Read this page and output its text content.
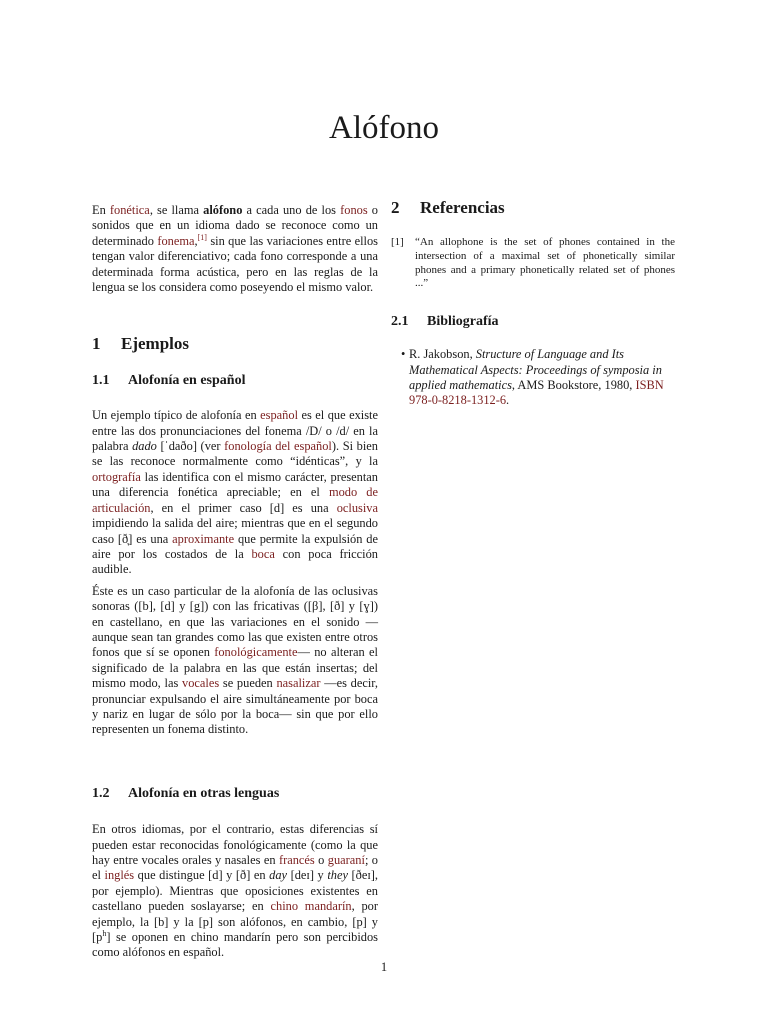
Alófono

En fonética, se llama alófono a cada uno de los fonos o sonidos que en un idioma dado se reconoce como un determinado fonema,[1] sin que las variaciones entre ellos tengan valor diferenciativo; cada fono corresponde a una determinada forma acústica, pero en las reglas de la lengua se los considera como poseyendo el mismo valor.

1 Ejemplos
1.1 Alofonía en español

Un ejemplo típico de alofonía en español es el que existe entre las dos pronunciaciones del fonema /D/ o /d/ en la palabra dado [ˈdaðo] (ver fonología del español). Si bien se las reconoce normalmente como “idénticas”, y la ortografía las identifica con el mismo carácter, presentan una diferencia fonética apreciable; en el modo de articulación, en el primer caso [d] es una oclusiva impidiendo la salida del aire; mientras que en el segundo caso [ð̞] es una aproximante que permite la expulsión de aire por los costados de la boca con poca fricción audible.

Éste es un caso particular de la alofonía de las oclusivas sonoras ([b], [d] y [g]) con las fricativas ([β], [ð] y [ɣ]) en castellano, en que las variaciones en el sonido —aunque sean tan grandes como las que existen entre otros fonos que sí se oponen fonológicamente— no alteran el significado de la palabra en las que están insertas; del mismo modo, las vocales se pueden nasalizar —es decir, pronunciar expulsando el aire simultáneamente por boca y nariz en lugar de sólo por la boca— sin que por ello representen un fonema distinto.

1.2 Alofonía en otras lenguas

En otros idiomas, por el contrario, estas diferencias sí pueden estar reconocidas fonológicamente (como la que hay entre vocales orales y nasales en francés o guaraní; o el inglés que distingue [d] y [ð] en day [deɪ] y they [ðeɪ], por ejemplo). Mientras que oposiciones existentes en castellano pueden soslayarse; en chino mandarín, por ejemplo, la [b] y la [p] son alófonos, en cambio, [p] y $[p^h]$ se oponen en chino mandarín pero son percibidos como alófonos en español.

2 Referencias
[1]	“An allophone is the set of phones contained in the intersection of a maximal set of phonetically similar phones and a primary phonetically related set of phones ...”
2.1 Bibliografía
• R. Jakobson, Structure of Language and Its Mathematical Aspects: Proceedings of symposia in applied mathematics, AMS Bookstore, 1980, ISBN 978-0-8218-1312-6.
1
